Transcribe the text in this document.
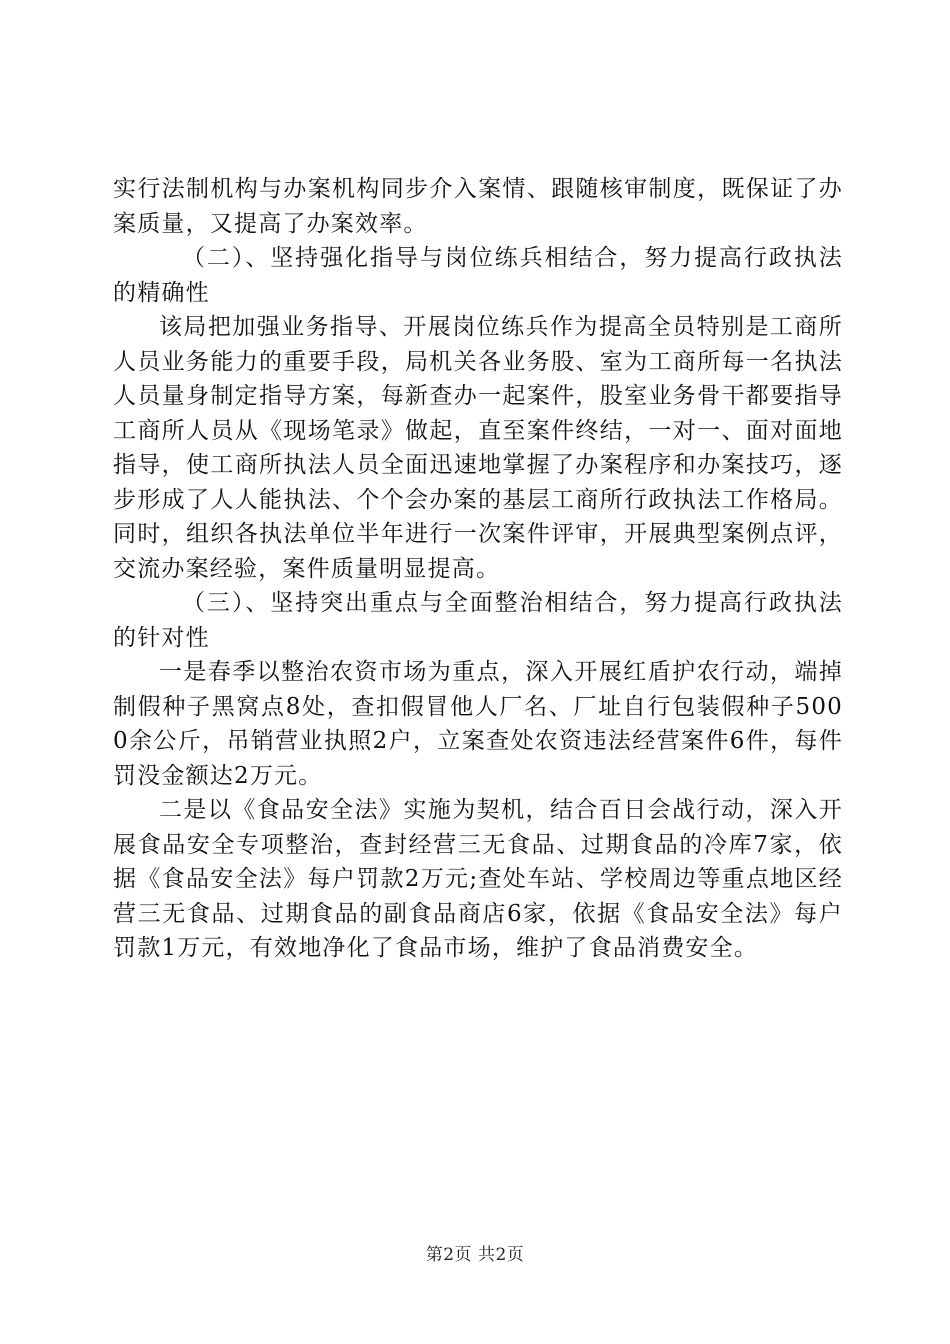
实行法制机构与办案机构同步介入案情、跟随核审制度，既保证了办案质量，又提高了办案效率。

（二）、坚持强化指导与岗位练兵相结合，努力提高行政执法的精确性

该局把加强业务指导、开展岗位练兵作为提高全员特别是工商所人员业务能力的重要手段，局机关各业务股、室为工商所每一名执法人员量身制定指导方案，每新查办一起案件，股室业务骨干都要指导工商所人员从《现场笔录》做起，直至案件终结，一对一、面对面地指导，使工商所执法人员全面迅速地掌握了办案程序和办案技巧，逐步形成了人人能执法、个个会办案的基层工商所行政执法工作格局。同时，组织各执法单位半年进行一次案件评审，开展典型案例点评，交流办案经验，案件质量明显提高。

（三）、坚持突出重点与全面整治相结合，努力提高行政执法的针对性

一是春季以整治农资市场为重点，深入开展红盾护农行动，端掉制假种子黑窝点8处，查扣假冒他人厂名、厂址自行包装假种子5000余公斤，吊销营业执照2户，立案查处农资违法经营案件6件，每件罚没金额达2万元。

二是以《食品安全法》实施为契机，结合百日会战行动，深入开展食品安全专项整治，查封经营三无食品、过期食品的冷库7家，依据《食品安全法》每户罚款2万元;查处车站、学校周边等重点地区经营三无食品、过期食品的副食品商店6家，依据《食品安全法》每户罚款1万元，有效地净化了食品市场，维护了食品消费安全。

第2页 共2页
